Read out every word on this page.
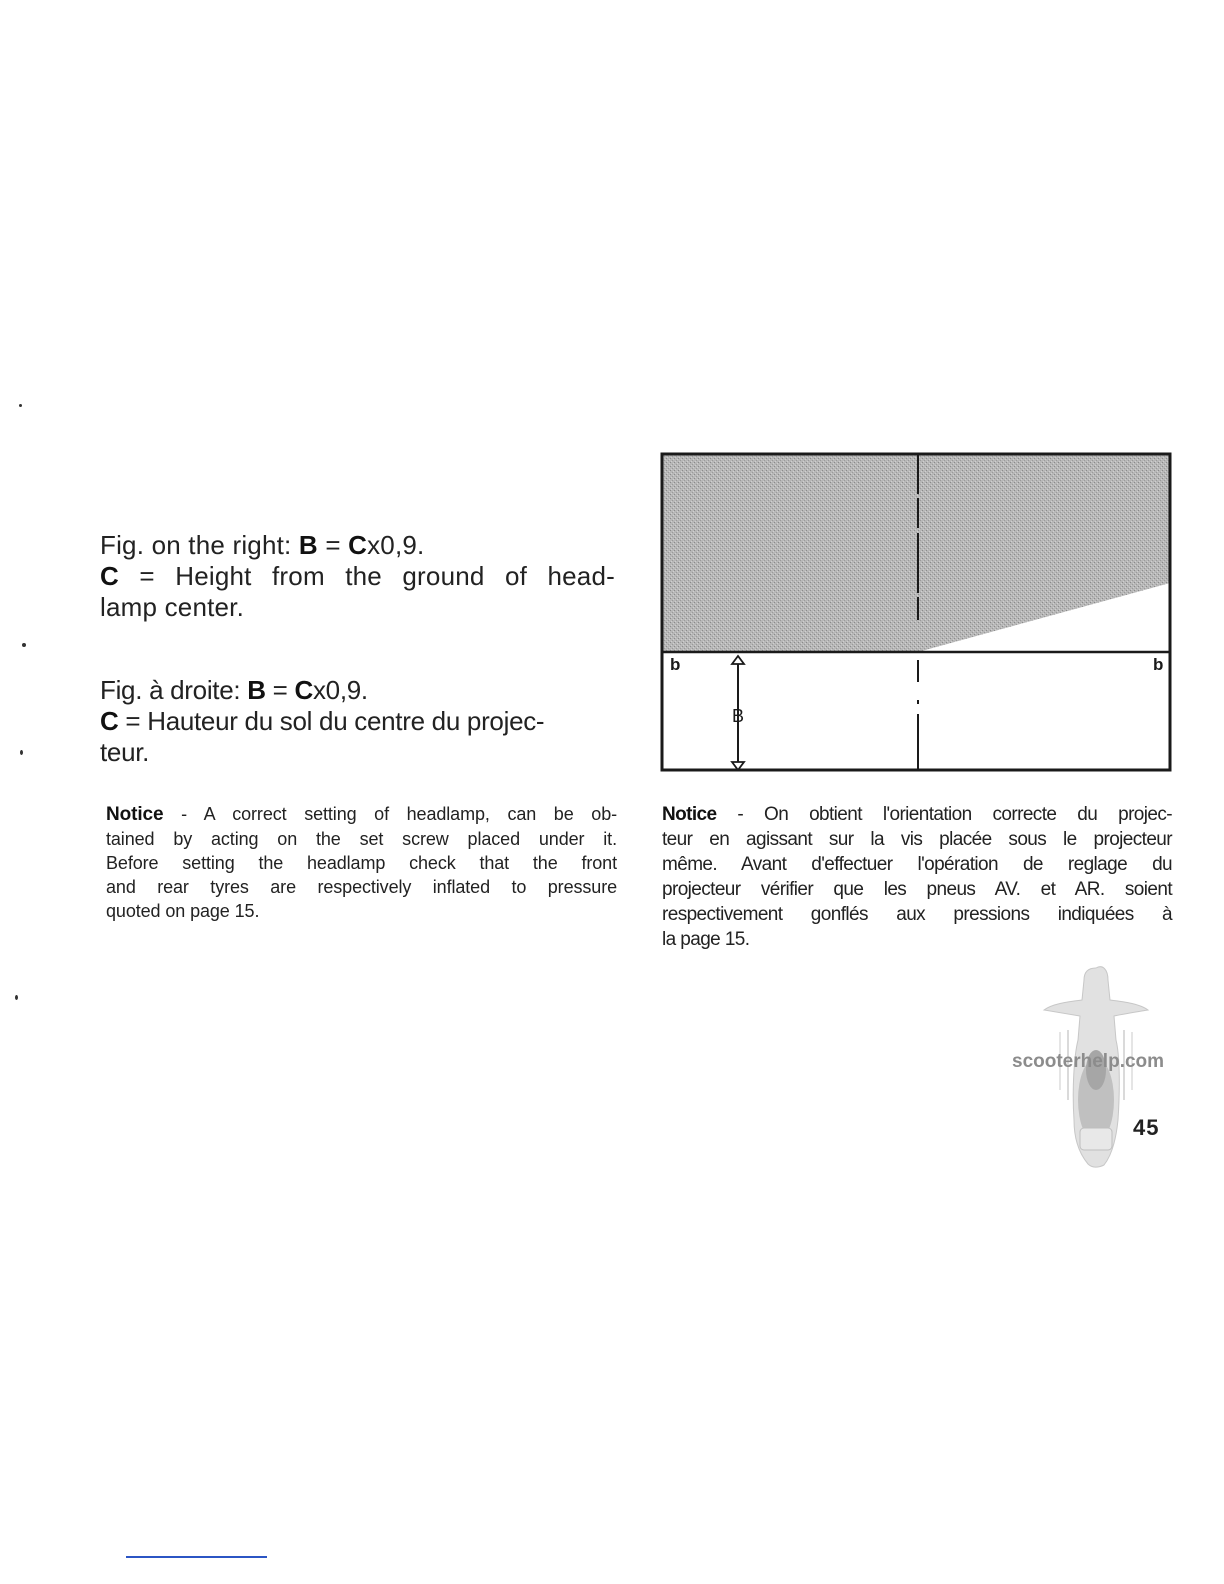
Fig. on the right: B = Cx0,9.
C = Height from the ground of head-
lamp center.
Fig. à droite: B = Cx0,9.
C = Hauteur du sol du centre du projec-
teur.
b	b
B
Notice - A correct setting of headlamp, can be ob-
tained by acting on the set screw placed under it.
Before setting the headlamp check that the front
and rear tyres are respectively inflated to pressure
quoted on page 15.
Notice - On obtient l'orientation correcte du projec-
teur en agissant sur la vis placée sous le projecteur
même. Avant d'effectuer l'opération de reglage du
projecteur vérifier que les pneus AV. et AR. soient
respectivement gonflés aux pressions indiquées à
la page 15.
scooterhelp.com
45
